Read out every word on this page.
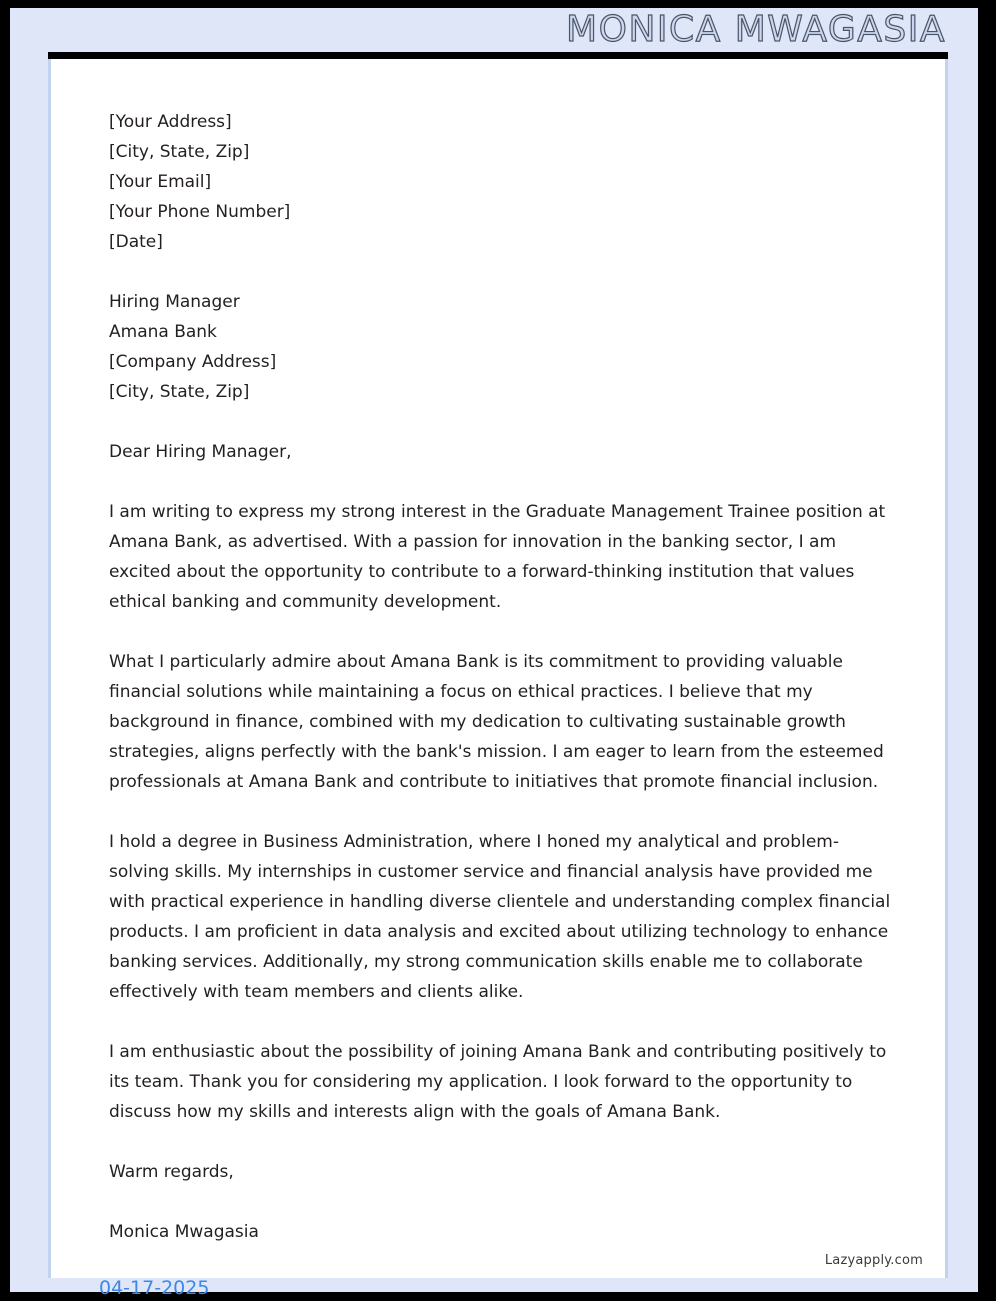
MONICA MWAGASIA
[Your Address]
[City, State, Zip]
[Your Email]
[Your Phone Number]
[Date]
Hiring Manager
Amana Bank
[Company Address]
[City, State, Zip]
Dear Hiring Manager,
I am writing to express my strong interest in the Graduate Management Trainee position at Amana Bank, as advertised. With a passion for innovation in the banking sector, I am excited about the opportunity to contribute to a forward-thinking institution that values ethical banking and community development.
What I particularly admire about Amana Bank is its commitment to providing valuable financial solutions while maintaining a focus on ethical practices. I believe that my background in finance, combined with my dedication to cultivating sustainable growth strategies, aligns perfectly with the bank's mission. I am eager to learn from the esteemed professionals at Amana Bank and contribute to initiatives that promote financial inclusion.
I hold a degree in Business Administration, where I honed my analytical and problem-solving skills. My internships in customer service and financial analysis have provided me with practical experience in handling diverse clientele and understanding complex financial products. I am proficient in data analysis and excited about utilizing technology to enhance banking services. Additionally, my strong communication skills enable me to collaborate effectively with team members and clients alike.
I am enthusiastic about the possibility of joining Amana Bank and contributing positively to its team. Thank you for considering my application. I look forward to the opportunity to discuss how my skills and interests align with the goals of Amana Bank.
Warm regards,
Monica Mwagasia
Lazyapply.com
04-17-2025
